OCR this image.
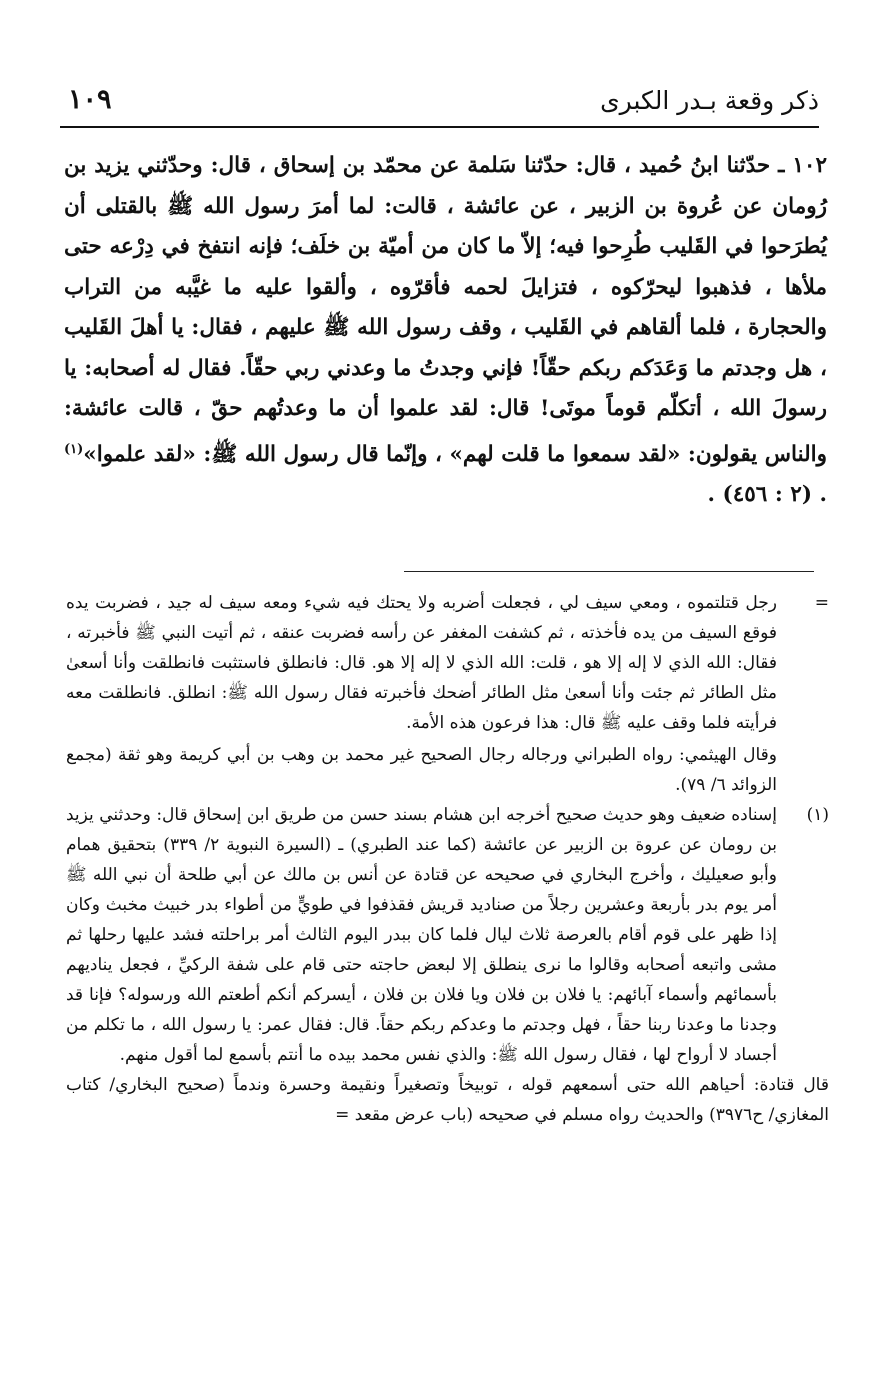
ذكر وقعة بـدر الكبرى
١٠٩

١٠٢ ـ حدّثنا ابنُ حُميد ، قال: حدّثنا سَلمة عن محمّد بن إسحاق ، قال: وحدّثني يزيد بن رُومان عن عُروة بن الزبير ، عن عائشة ، قالت: لما أمرَ رسول الله ﷺ بالقتلى أن يُطرَحوا في القَليب طُرِحوا فيه؛ إلاّ ما كان من أميّة بن خلَف؛ فإنه انتفخ في دِرْعه حتى ملأها ، فذهبوا ليحرّكوه ، فتزايلَ لحمه فأقرّوه ، وألقوا عليه ما غيَّبه من التراب والحجارة ، فلما ألقاهم في القَليب ، وقف رسول الله ﷺ عليهم ، فقال: يا أهلَ القَليب ، هل وجدتم ما وَعَدَكم ربكم حقّاً! فإني وجدتُ ما وعدني ربي حقّاً. فقال له أصحابه: يا رسولَ الله ، أتكلّم قوماً موتَى! قال: لقد علموا أن ما وعدتُهم حقّ ، قالت عائشة: والناس يقولون: «لقد سمعوا ما قلت لهم» ، وإنّما قال رسول الله ﷺ: «لقد علموا»$^{(١)}$ . (٢ : ٤٥٦) .

=

رجل قتلتموه ، ومعي سيف لي ، فجعلت أضربه ولا يحتك فيه شيء ومعه سيف له جيد ، فضربت يده فوقع السيف من يده فأخذته ، ثم كشفت المغفر عن رأسه فضربت عنقه ، ثم أتيت النبي ﷺ فأخبرته ، فقال: الله الذي لا إله إلا هو ، قلت: الله الذي لا إله إلا هو. قال: فانطلق فاستثبت فانطلقت وأنا أسعىٰ مثل الطائر ثم جئت وأنا أسعىٰ مثل الطائر أضحك فأخبرته فقال رسول الله ﷺ: انطلق. فانطلقت معه فرأيته فلما وقف عليه ﷺ قال: هذا فرعون هذه الأمة.

وقال الهيثمي: رواه الطبراني ورجاله رجال الصحيح غير محمد بن وهب بن أبي كريمة وهو ثقة (مجمع الزوائد ٦/ ٧٩).

(١)

إسناده ضعيف وهو حديث صحيح أخرجه ابن هشام بسند حسن من طريق ابن إسحاق قال: وحدثني يزيد بن رومان عن عروة بن الزبير عن عائشة (كما عند الطبري) ـ (السيرة النبوية ٢/ ٣٣٩) بتحقيق همام وأبو صعيليك ، وأخرج البخاري في صحيحه عن قتادة عن أنس بن مالك عن أبي طلحة أن نبي الله ﷺ أمر يوم بدر بأربعة وعشرين رجلاً من صناديد قريش فقذفوا في طويٍّ من أطواء بدر خبيث مخبث وكان إذا ظهر على قوم أقام بالعرصة ثلاث ليال فلما كان ببدر اليوم الثالث أمر براحلته فشد عليها رحلها ثم مشى واتبعه أصحابه وقالوا ما نرى ينطلق إلا لبعض حاجته حتى قام على شفة الركيِّ ، فجعل يناديهم بأسمائهم وأسماء آبائهم: يا فلان بن فلان ويا فلان بن فلان ، أيسركم أنكم أطعتم الله ورسوله؟ فإنا قد وجدنا ما وعدنا ربنا حقاً ، فهل وجدتم ما وعدكم ربكم حقاً. قال: فقال عمر: يا رسول الله ، ما تكلم من أجساد لا أرواح لها ، فقال رسول الله ﷺ: والذي نفس محمد بيده ما أنتم بأسمع لما أقول منهم.

قال قتادة: أحياهم الله حتى أسمعهم قوله ، توبيخاً وتصغيراً ونقيمة وحسرة وندماً (صحيح البخاري/ كتاب المغازي/ ح٣٩٧٦) والحديث رواه مسلم في صحيحه (باب عرض مقعد =
